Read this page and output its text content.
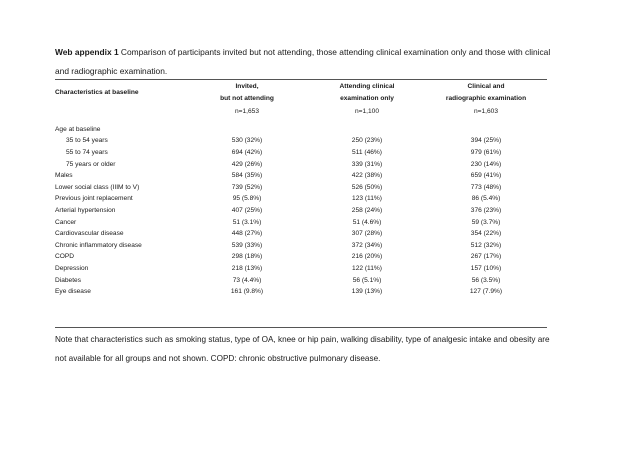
Web appendix 1 Comparison of participants invited but not attending, those attending clinical examination only and those with clinical and radiographic examination.
Characteristics at baseline	Invited,	Attending clinical	Clinical and
	but not attending	examination only	radiographic examination
	n=1,653	n=1,100	n=1,603

Age at baseline			
35 to 54 years	530 (32%)	250 (23%)	394 (25%)
55 to 74 years	694 (42%)	511 (46%)	979 (61%)
75 years or older	429 (26%)	339 (31%)	230 (14%)
Males	584 (35%)	422 (38%)	659 (41%)
Lower social class (IIIM to V)	739 (52%)	526 (50%)	773 (48%)
Previous joint replacement	95 (5.8%)	123 (11%)	86 (5.4%)
Arterial hypertension	407 (25%)	258 (24%)	376 (23%)
Cancer	51 (3.1%)	51 (4.6%)	59 (3.7%)
Cardiovascular disease	448 (27%)	307 (28%)	354 (22%)
Chronic inflammatory disease	539 (33%)	372 (34%)	512 (32%)
COPD	298 (18%)	216 (20%)	267 (17%)
Depression	218 (13%)	122 (11%)	157 (10%)
Diabetes	73 (4.4%)	56 (5.1%)	56 (3.5%)
Eye disease	161 (9.8%)	139 (13%)	127 (7.9%)
Note that characteristics such as smoking status, type of OA, knee or hip pain, walking disability, type of analgesic intake and obesity are not available for all groups and not shown. COPD: chronic obstructive pulmonary disease.
